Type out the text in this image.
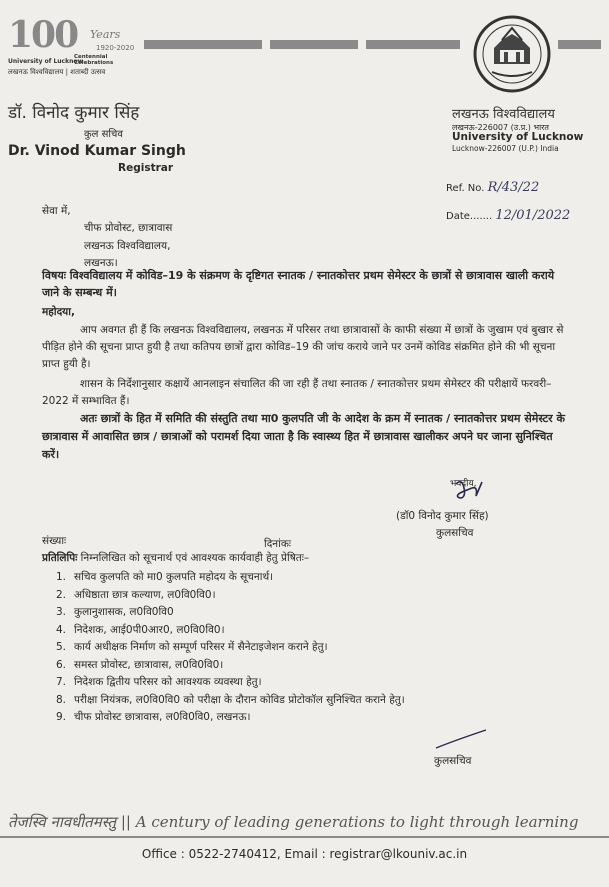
100 Years
1920-2020
University of Lucknow
Centennial Celebrations
लखनऊ विश्वविद्यालय | शताब्दी उत्सव
डॉ. विनोद कुमार सिंह
कुल सचिव
Dr. Vinod Kumar Singh
Registrar
लखनऊ विश्वविद्यालय
लखनऊ-226007 (उ.प्र.) भारत
University of Lucknow
Lucknow-226007 (U.P.) India
Ref. No. R/43/22
Date....... 12/01/2022
सेवा में,
चीफ प्रोवोस्ट, छात्रावास
लखनऊ विश्वविद्यालय,
लखनऊ।
विषयः विश्वविद्यालय में कोविड–19 के संक्रमण के दृष्टिगत स्नातक / स्नातकोत्तर प्रथम सेमेस्टर के छात्रों से छात्रावास खाली कराये जाने के सम्बन्ध में।
महोदया,
आप अवगत ही हैं कि लखनऊ विश्वविद्यालय, लखनऊ में परिसर तथा छात्रावासों के काफी संख्या में छात्रों के जुखाम एवं बुखार से पीड़ित होने की सूचना प्राप्त हुयी है तथा कतिपय छात्रों द्वारा कोविड–19 की जांच कराये जाने पर उनमें कोविड संक्रमित होने की भी सूचना प्राप्त हुयी है।
शासन के निर्देशानुसार कक्षायें आनलाइन संचालित की जा रही हैं तथा स्नातक / स्नातकोत्तर प्रथम सेमेस्टर की परीक्षायें फरवरी–2022 में सम्भावित हैं।
अतः छात्रों के हित में समिति की संस्तुति तथा मा0 कुलपति जी के आदेश के क्रम में स्नातक / स्नातकोत्तर प्रथम सेमेस्टर के छात्रावास में आवासित छात्र / छात्राओं को परामर्श दिया जाता है कि स्वास्थ्य हित में छात्रावास खालीकर अपने घर जाना सुनिश्चित करें।
भवदीय,
(डॉ0 विनोद कुमार सिंह)
कुलसचिव
संख्याः	दिनांकः
प्रतिलिपिः निम्नलिखित को सूचनार्थ एवं आवश्यक कार्यवाही हेतु प्रेषितः–
1. सचिव कुलपति को मा0 कुलपति महोदय के सूचनार्थ।
2. अधिष्ठाता छात्र कल्याण, ल0वि0वि0।
3. कुलानुशासक, ल0वि0वि0
4. निदेशक, आई0पी0आर0, ल0वि0वि0।
5. कार्य अधीक्षक निर्माण को सम्पूर्ण परिसर में सैनेटाइजेशन कराने हेतु।
6. समस्त प्रोवोस्ट, छात्रावास, ल0वि0वि0।
7. निदेशक द्वितीय परिसर को आवश्यक व्यवस्था हेतु।
8. परीक्षा नियंत्रक, ल0वि0वि0 को परीक्षा के दौरान कोविड प्रोटोकॉल सुनिश्चित कराने हेतु।
9. चीफ प्रोवोस्ट छात्रावास, ल0वि0वि0, लखनऊ।
कुलसचिव
तेजस्वि नावधीतमस्तु || A century of leading generations to light through learning
Office : 0522-2740412, Email : registrar@lkouniv.ac.in
